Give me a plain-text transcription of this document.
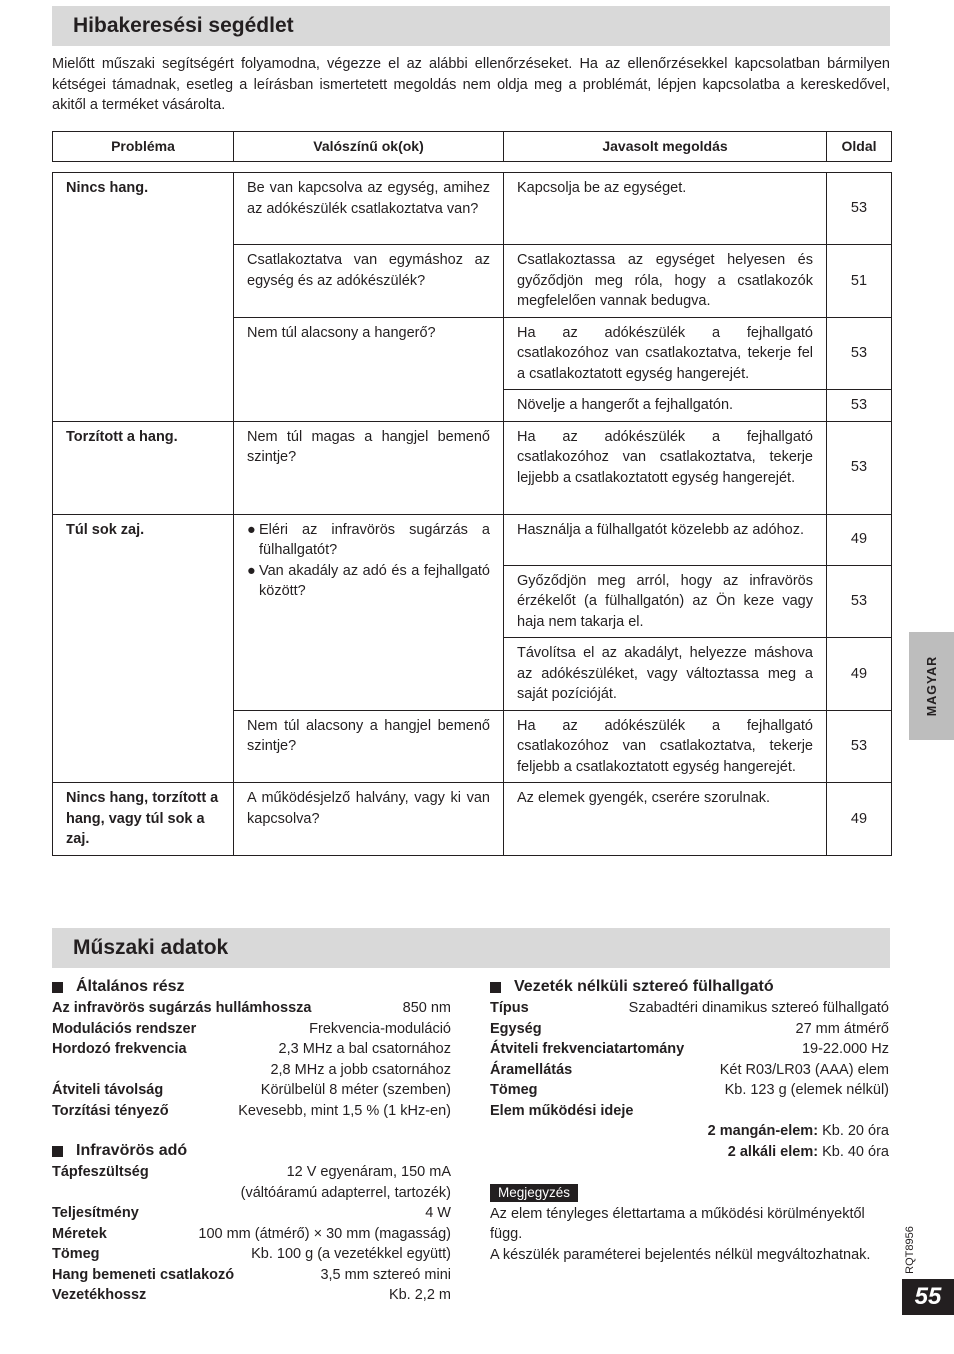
Hibakeresési segédlet
Mielőtt műszaki segítségért folyamodna, végezze el az alábbi ellenőrzéseket. Ha az ellenőrzésekkel kapcsolatban bármilyen kétségei támadnak, esetleg a leírásban ismertetett megoldás nem oldja meg a problémát, lépjen kapcsolatba a kereskedővel, akitől a terméket vásárolta.
Probléma	Valószínű ok(ok)	Javasolt megoldás	Oldal
Nincs hang.	Be van kapcsolva az egység, amihez az adókészülék csatlakoztatva van?	Kapcsolja be az egységet.	53
	Csatlakoztatva van egymáshoz az egység és az adókészülék?	Csatlakoztassa az egységet helyesen és győződjön meg róla, hogy a csatlakozók megfelelően vannak bedugva.	51
	Nem túl alacsony a hangerő?	Ha az adókészülék a fejhallgató csatlakozóhoz van csatlakoztatva, tekerje fel a csatlakoztatott egység hangerejét.	53
		Növelje a hangerőt a fejhallgatón.	53
Torzított a hang.	Nem túl magas a hangjel bemenő szintje?	Ha az adókészülék a fejhallgató csatlakozóhoz van csatlakoztatva, tekerje lejjebb a csatlakoztatott egység hangerejét.	53
Túl sok zaj.	● Eléri az infravörös sugárzás a fülhallgatót?
● Van akadály az adó és a fejhallgató között?	Használja a fülhallgatót közelebb az adóhoz.	49
		Győződjön meg arról, hogy az infravörös érzékelőt (a fülhallgatón) az Ön keze vagy haja nem takarja el.	53
		Távolítsa el az akadályt, helyezze máshova az adókészüléket, vagy változtassa meg a saját pozícióját.	49
	Nem túl alacsony a hangjel bemenő szintje?	Ha az adókészülék a fejhallgató csatlakozóhoz van csatlakoztatva, tekerje feljebb a csatlakoztatott egység hangerejét.	53
Nincs hang, torzított a hang, vagy túl sok a zaj.	A működésjelző halvány, vagy ki van kapcsolva?	Az elemek gyengék, cserére szorulnak.	49
Műszaki adatok
Általános rész
Az infravörös sugárzás hullámhossza	850 nm
Modulációs rendszer	Frekvencia-moduláció
Hordozó frekvencia	2,3 MHz a bal csatornához
2,8 MHz a jobb csatornához
Átviteli távolság	Körülbelül 8 méter (szemben)
Torzítási tényező	Kevesebb, mint 1,5 % (1 kHz-en)
Infravörös adó
Tápfeszültség	12 V egyenáram, 150 mA
(váltóáramú adapterrel, tartozék)
Teljesítmény	4 W
Méretek	100 mm (átmérő) × 30 mm (magasság)
Tömeg	Kb. 100 g (a vezetékkel együtt)
Hang bemeneti csatlakozó	3,5 mm sztereó mini
Vezetékhossz	Kb. 2,2 m
Vezeték nélküli sztereó fülhallgató
Típus	Szabadtéri dinamikus sztereó fülhallgató
Egység	27 mm átmérő
Átviteli frekvenciatartomány	19-22.000 Hz
Áramellátás	Két R03/LR03 (AAA) elem
Tömeg	Kb. 123 g (elemek nélkül)
Elem működési ideje
2 mangán-elem: Kb. 20 óra
2 alkáli elem: Kb. 40 óra
Megjegyzés
Az elem tényleges élettartama a működési körülményektől függ.
A készülék paraméterei bejelentés nélkül megváltozhatnak.
MAGYAR
RQT8956
55
